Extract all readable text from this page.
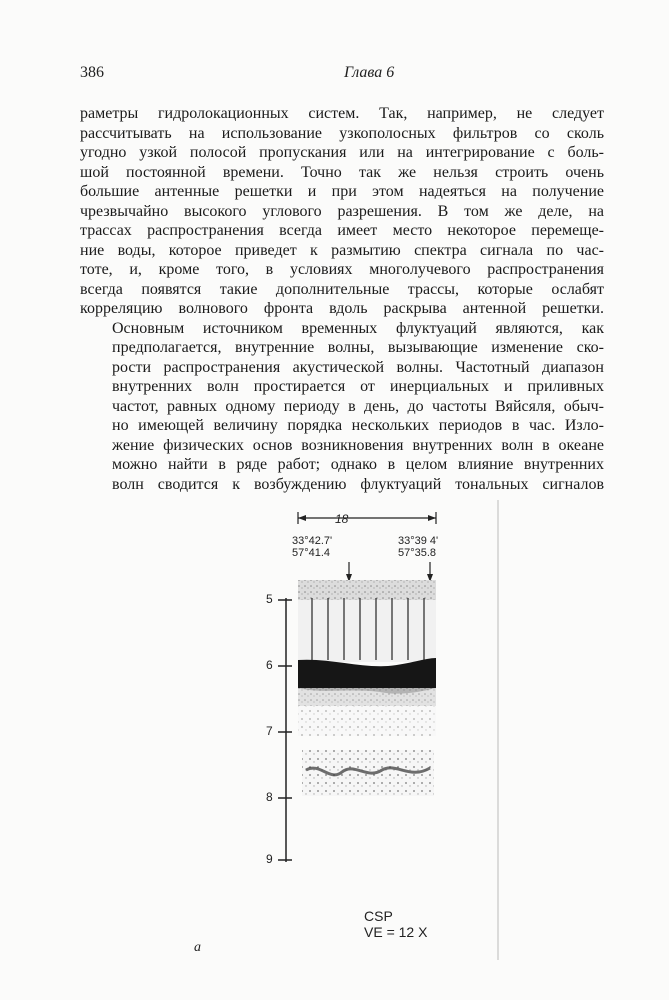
386	Глава 6

раметры гидролокационных систем. Так, например, не следует
рассчитывать на использование узкополосных фильтров со сколь
угодно узкой полосой пропускания или на интегрирование с боль-
шой постоянной времени. Точно так же нельзя строить очень
большие антенные решетки и при этом надеяться на получение
чрезвычайно высокого углового разрешения. В том же деле, на
трассах распространения всегда имеет место некоторое перемеще-
ние воды, которое приведет к размытию спектра сигнала по час-
тоте, и, кроме того, в условиях многолучевого распространения
всегда появятся такие дополнительные трассы, которые ослабят
корреляцию волнового фронта вдоль раскрыва антенной решетки.

Основным источником временных флуктуаций являются, как
предполагается, внутренние волны, вызывающие изменение ско-
рости распространения акустической волны. Частотный диапазон
внутренних волн простирается от инерциальных и приливных
частот, равных одному периоду в день, до частоты Вяйсяля, обыч-
но имеющей величину порядка нескольких периодов в час. Изло-
жение физических основ возникновения внутренних волн в океане
можно найти в ряде работ; однако в целом влияние внутренних
волн сводится к возбуждению флуктуаций тональных сигналов

18
33°42.7'
57°41.4
33°39 4'
57°35.8
5
6
7
8
9
CSP
VE = 12 X
a
